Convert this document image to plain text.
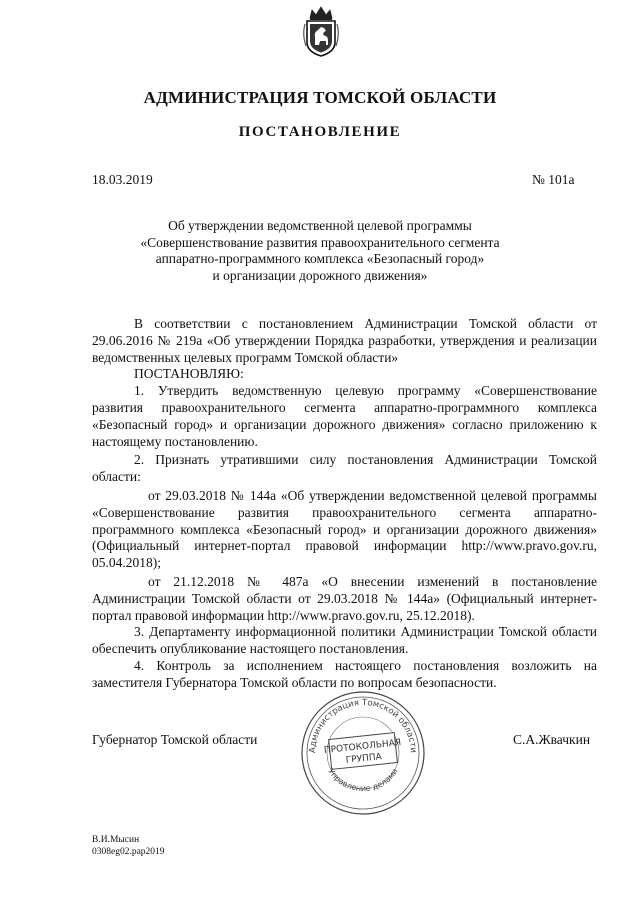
АДМИНИСТРАЦИЯ ТОМСКОЙ ОБЛАСТИ
ПОСТАНОВЛЕНИЕ
18.03.2019	№ 101а
Об утверждении ведомственной целевой программы
«Совершенствование развития правоохранительного сегмента
аппаратно-программного комплекса «Безопасный город»
и организации дорожного движения»
В соответствии с постановлением Администрации Томской области от 29.06.2016 № 219а «Об утверждении Порядка разработки, утверждения и реализации ведомственных целевых программ Томской области»
ПОСТАНОВЛЯЮ:
1. Утвердить ведомственную целевую программу «Совершенствование развития правоохранительного сегмента аппаратно-программного комплекса «Безопасный город» и организации дорожного движения» согласно приложению к настоящему постановлению.
2. Признать утратившими силу постановления Администрации Томской области:
от 29.03.2018 № 144а «Об утверждении ведомственной целевой программы «Совершенствование развития правоохранительного сегмента аппаратно-программного комплекса «Безопасный город» и организации дорожного движения» (Официальный интернет-портал правовой информации http://www.pravo.gov.ru, 05.04.2018);
от 21.12.2018 № 487а «О внесении изменений в постановление Администрации Томской области от 29.03.2018 № 144а» (Официальный интернет-портал правовой информации http://www.pravo.gov.ru, 25.12.2018).
3. Департаменту информационной политики Администрации Томской области обеспечить опубликование настоящего постановления.
4. Контроль за исполнением настоящего постановления возложить на заместителя Губернатора Томской области по вопросам безопасности.
Губернатор Томской области	С.А.Жвачкин
Администрация Томской области
ПРОТОКОЛЬНАЯ
ГРУППА
Управление делами
В.И.Мысин
0308eg02.pap2019
